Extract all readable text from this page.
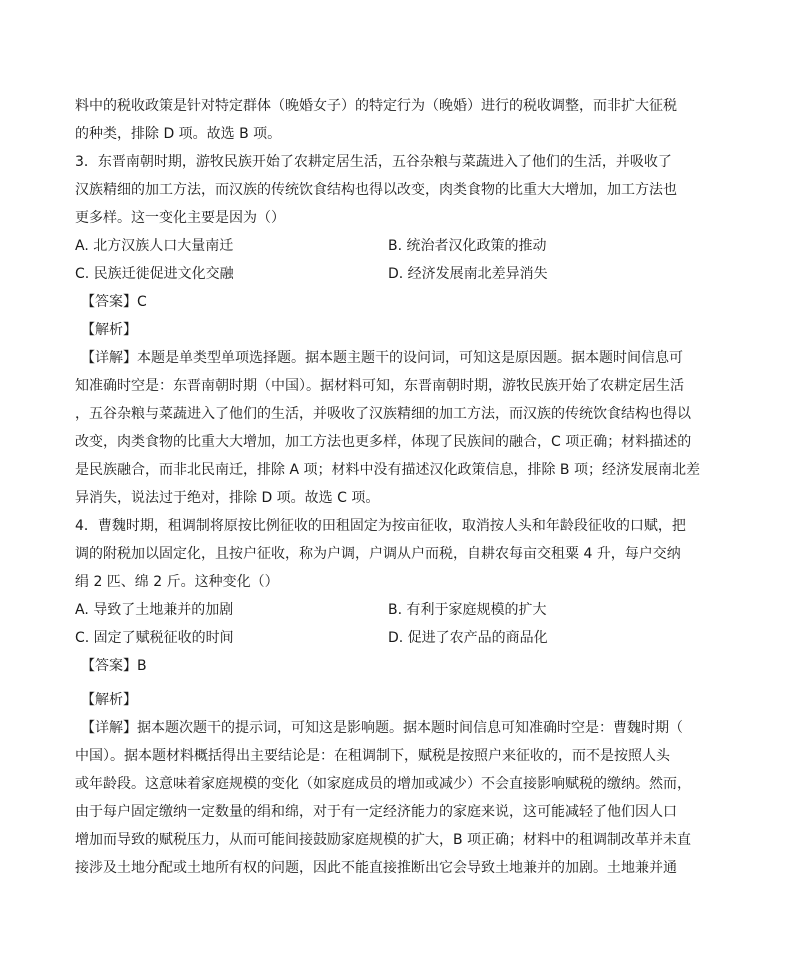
料中的税收政策是针对特定群体（晚婚女子）的特定行为（晚婚）进行的税收调整，而非扩大征税
的种类，排除 D 项。故选 B 项。
3．东晋南朝时期，游牧民族开始了农耕定居生活，五谷杂粮与菜蔬进入了他们的生活，并吸收了
汉族精细的加工方法，而汉族的传统饮食结构也得以改变，肉类食物的比重大大增加，加工方法也
更多样。这一变化主要是因为（）
A. 北方汉族人口大量南迁	B. 统治者汉化政策的推动
C. 民族迁徙促进文化交融	D. 经济发展南北差异消失
【答案】C
【解析】
【详解】本题是单类型单项选择题。据本题主题干的设问词，可知这是原因题。据本题时间信息可
知准确时空是：东晋南朝时期（中国）。据材料可知，东晋南朝时期，游牧民族开始了农耕定居生活
，五谷杂粮与菜蔬进入了他们的生活，并吸收了汉族精细的加工方法，而汉族的传统饮食结构也得以
改变，肉类食物的比重大大增加，加工方法也更多样，体现了民族间的融合，C 项正确；材料描述的
是民族融合，而非北民南迁，排除 A 项；材料中没有描述汉化政策信息，排除 B 项；经济发展南北差
异消失，说法过于绝对，排除 D 项。故选 C 项。
4．曹魏时期，租调制将原按比例征收的田租固定为按亩征收，取消按人头和年龄段征收的口赋，把
调的附税加以固定化，且按户征收，称为户调，户调从户而税，自耕农每亩交租粟 4 升，每户交纳
绢 2 匹、绵 2 斤。这种变化（）
A. 导致了土地兼并的加剧	B. 有利于家庭规模的扩大
C. 固定了赋税征收的时间	D. 促进了农产品的商品化
【答案】B
【解析】
【详解】据本题次题干的提示词，可知这是影响题。据本题时间信息可知准确时空是：曹魏时期（
中国）。据本题材料概括得出主要结论是：在租调制下，赋税是按照户来征收的，而不是按照人头
或年龄段。这意味着家庭规模的变化（如家庭成员的增加或减少）不会直接影响赋税的缴纳。然而，
由于每户固定缴纳一定数量的绢和绵，对于有一定经济能力的家庭来说，这可能减轻了他们因人口
增加而导致的赋税压力，从而可能间接鼓励家庭规模的扩大，B 项正确；材料中的租调制改革并未直
接涉及土地分配或土地所有权的问题，因此不能直接推断出它会导致土地兼并的加剧。土地兼并通
